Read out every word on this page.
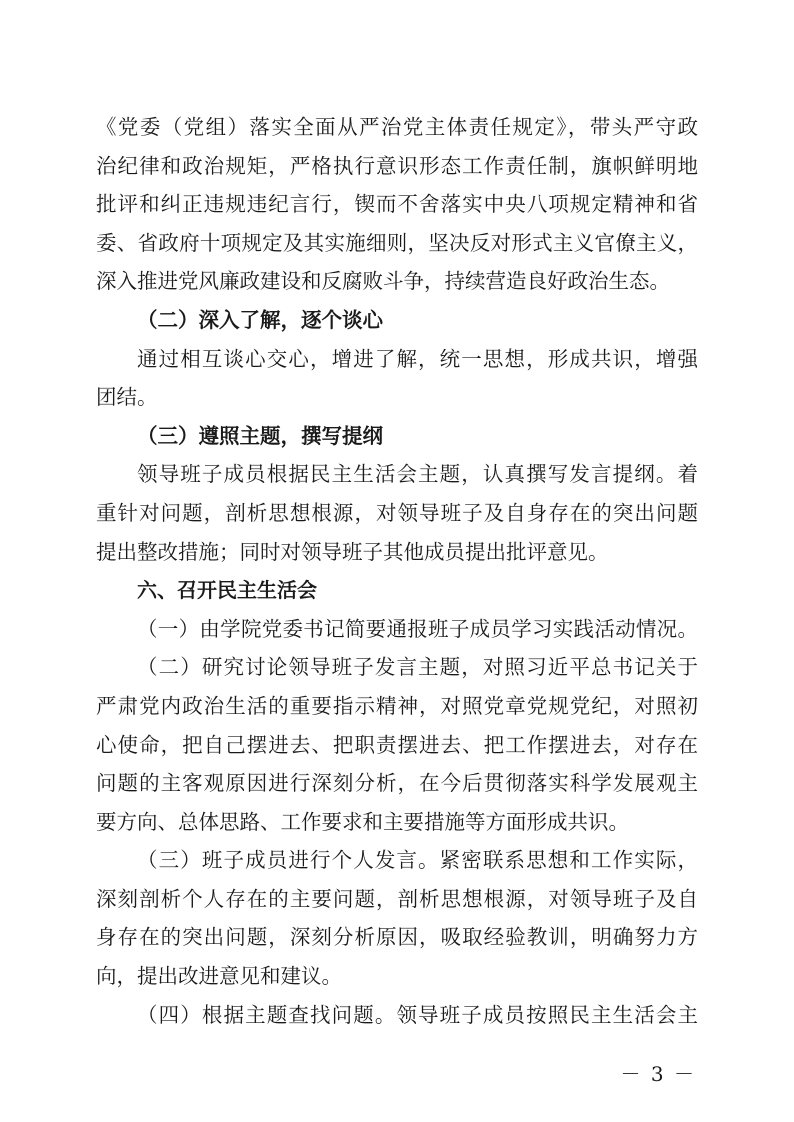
《党委（党组）落实全面从严治党主体责任规定》，带头严守政
治纪律和政治规矩，严格执行意识形态工作责任制，旗帜鲜明地
批评和纠正违规违纪言行，锲而不舍落实中央八项规定精神和省
委、省政府十项规定及其实施细则，坚决反对形式主义官僚主义，
深入推进党风廉政建设和反腐败斗争，持续营造良好政治生态。
（二）深入了解，逐个谈心
通过相互谈心交心，增进了解，统一思想，形成共识，增强
团结。
（三）遵照主题，撰写提纲
领导班子成员根据民主生活会主题，认真撰写发言提纲。着
重针对问题，剖析思想根源，对领导班子及自身存在的突出问题
提出整改措施；同时对领导班子其他成员提出批评意见。
六、召开民主生活会
（一）由学院党委书记简要通报班子成员学习实践活动情况。
（二）研究讨论领导班子发言主题，对照习近平总书记关于
严肃党内政治生活的重要指示精神，对照党章党规党纪，对照初
心使命，把自己摆进去、把职责摆进去、把工作摆进去，对存在
问题的主客观原因进行深刻分析，在今后贯彻落实科学发展观主
要方向、总体思路、工作要求和主要措施等方面形成共识。
（三）班子成员进行个人发言。紧密联系思想和工作实际，
深刻剖析个人存在的主要问题，剖析思想根源，对领导班子及自
身存在的突出问题，深刻分析原因，吸取经验教训，明确努力方
向，提出改进意见和建议。
（四）根据主题查找问题。领导班子成员按照民主生活会主
－ 3 －
